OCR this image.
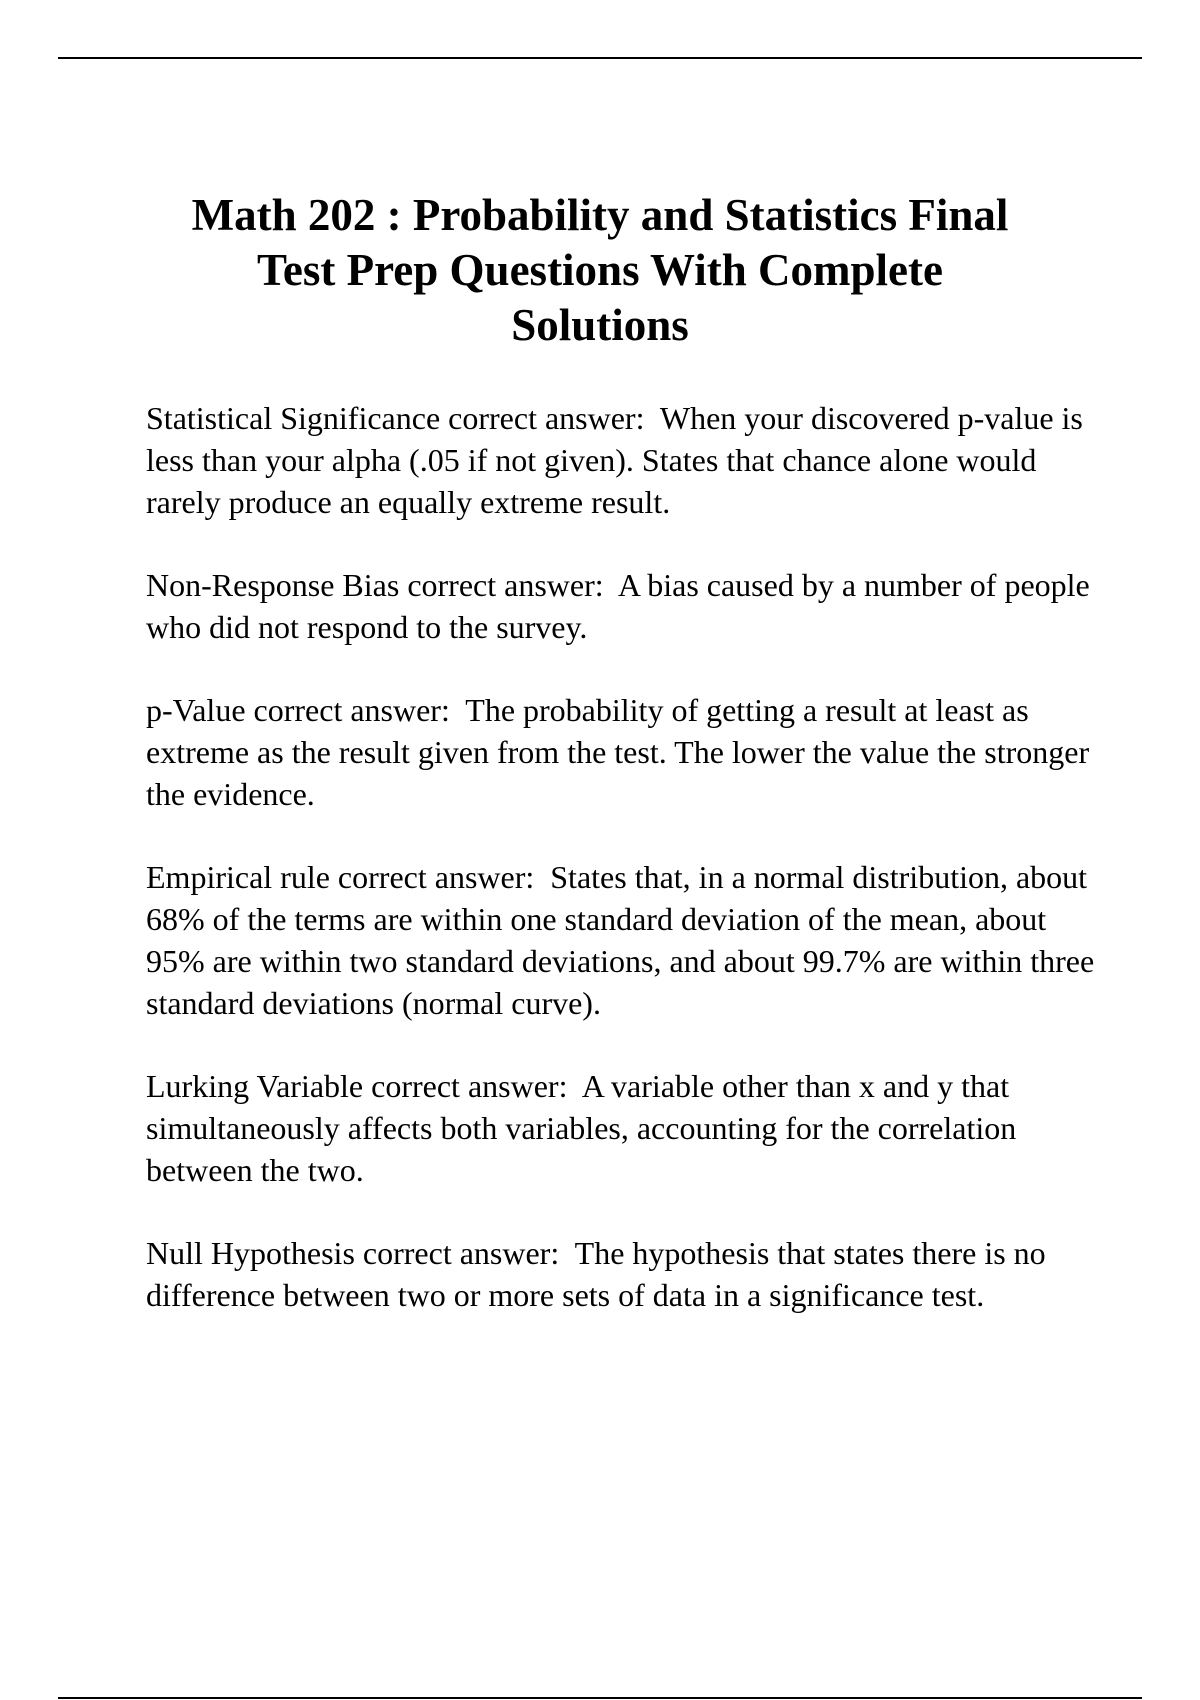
Math 202 : Probability and Statistics Final
Test Prep Questions With Complete
Solutions

Statistical Significance correct answer: When your discovered p-value is less than your alpha (.05 if not given). States that chance alone would rarely produce an equally extreme result.

Non-Response Bias correct answer: A bias caused by a number of people who did not respond to the survey.

p-Value correct answer: The probability of getting a result at least as extreme as the result given from the test. The lower the value the stronger the evidence.

Empirical rule correct answer: States that, in a normal distribution, about 68% of the terms are within one standard deviation of the mean, about 95% are within two standard deviations, and about 99.7% are within three standard deviations (normal curve).

Lurking Variable correct answer: A variable other than x and y that simultaneously affects both variables, accounting for the correlation between the two.

Null Hypothesis correct answer: The hypothesis that states there is no difference between two or more sets of data in a significance test.
